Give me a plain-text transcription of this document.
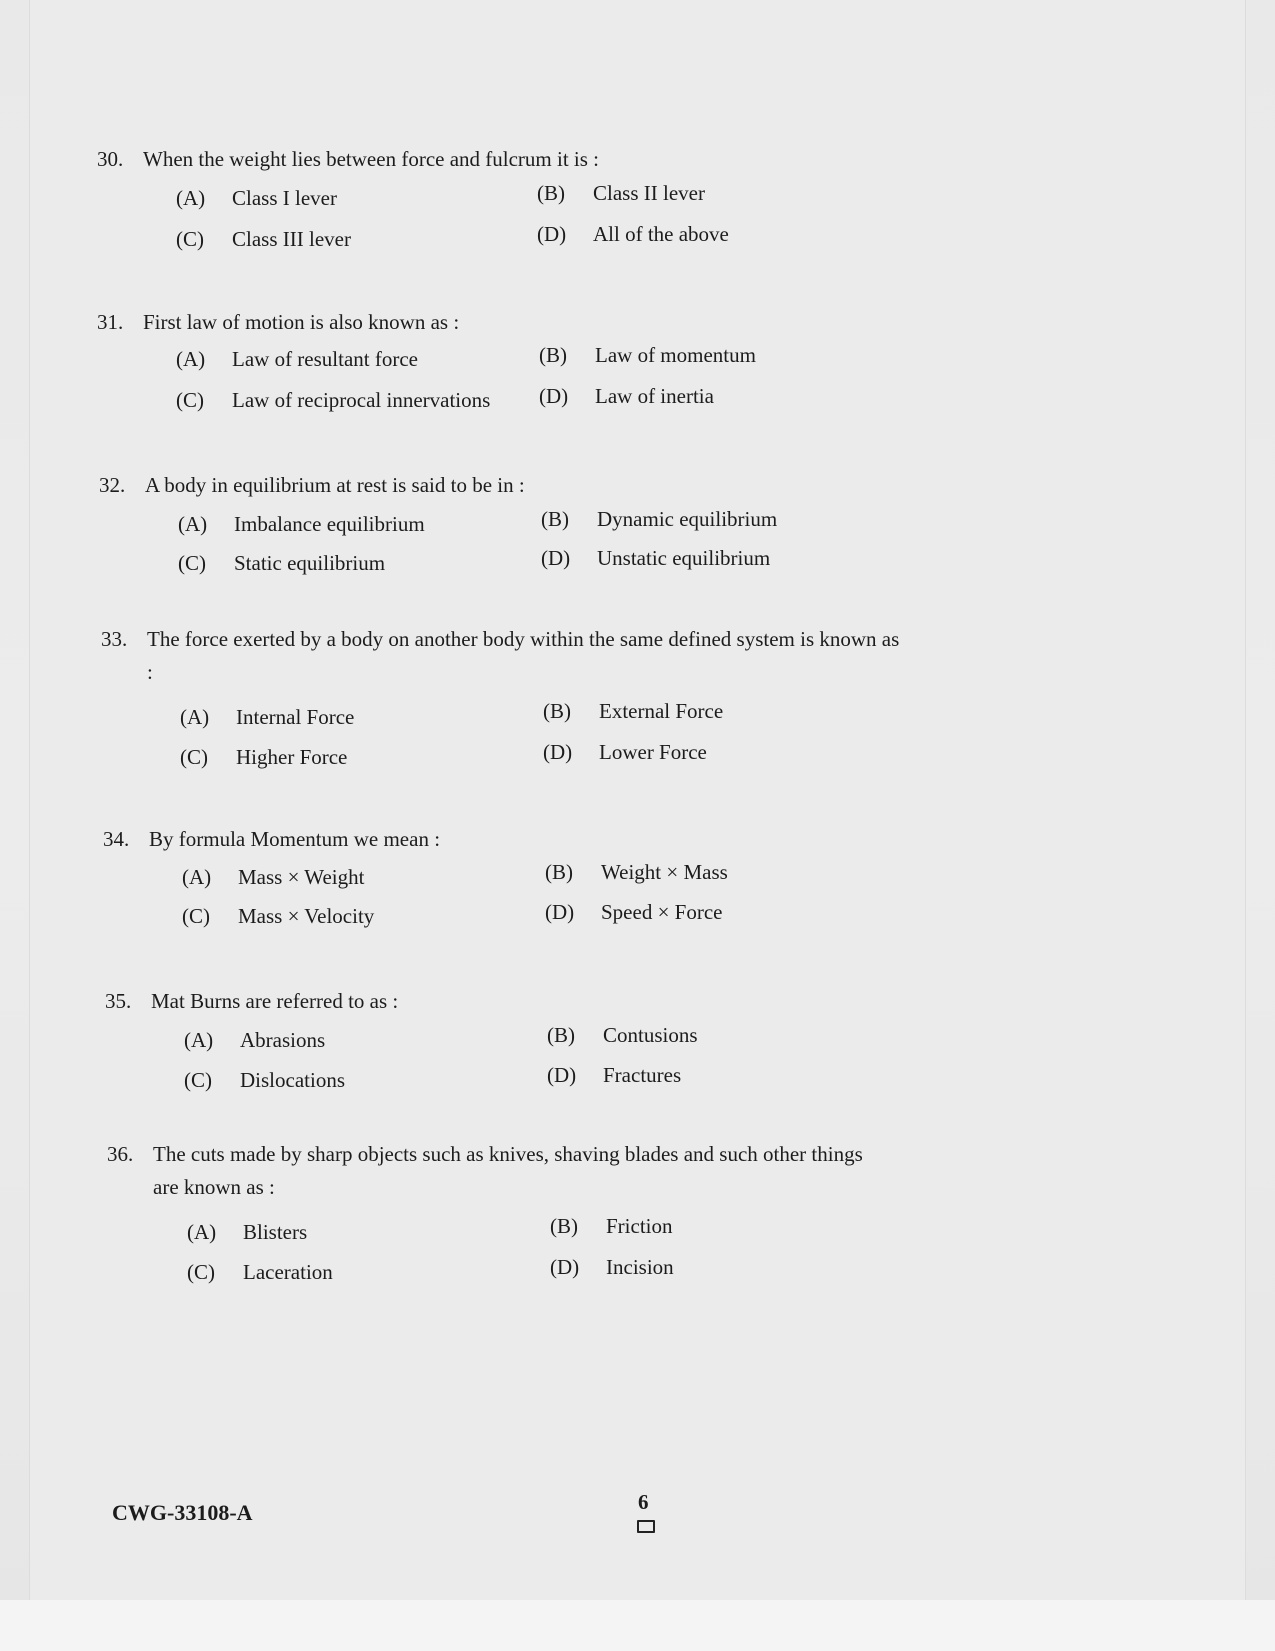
30. When the weight lies between force and fulcrum it is :
(A) Class I lever	(B) Class II lever
(C) Class III lever	(D) All of the above
31. First law of motion is also known as :
(A) Law of resultant force	(B) Law of momentum
(C) Law of reciprocal innervations (D) Law of inertia
32. A body in equilibrium at rest is said to be in :
(A) Imbalance equilibrium	(B) Dynamic equilibrium
(C) Static equilibrium	(D) Unstatic equilibrium
33. The force exerted by a body on another body within the same defined system is known as :
(A) Internal Force	(B) External Force
(C) Higher Force	(D) Lower Force
34. By formula Momentum we mean :
(A) Mass × Weight	(B) Weight × Mass
(C) Mass × Velocity	(D) Speed × Force
35. Mat Burns are referred to as :
(A) Abrasions	(B) Contusions
(C) Dislocations	(D) Fractures
36. The cuts made by sharp objects such as knives, shaving blades and such other things are known as :
(A) Blisters	(B) Friction
(C) Laceration	(D) Incision
CWG-33108-A	6
